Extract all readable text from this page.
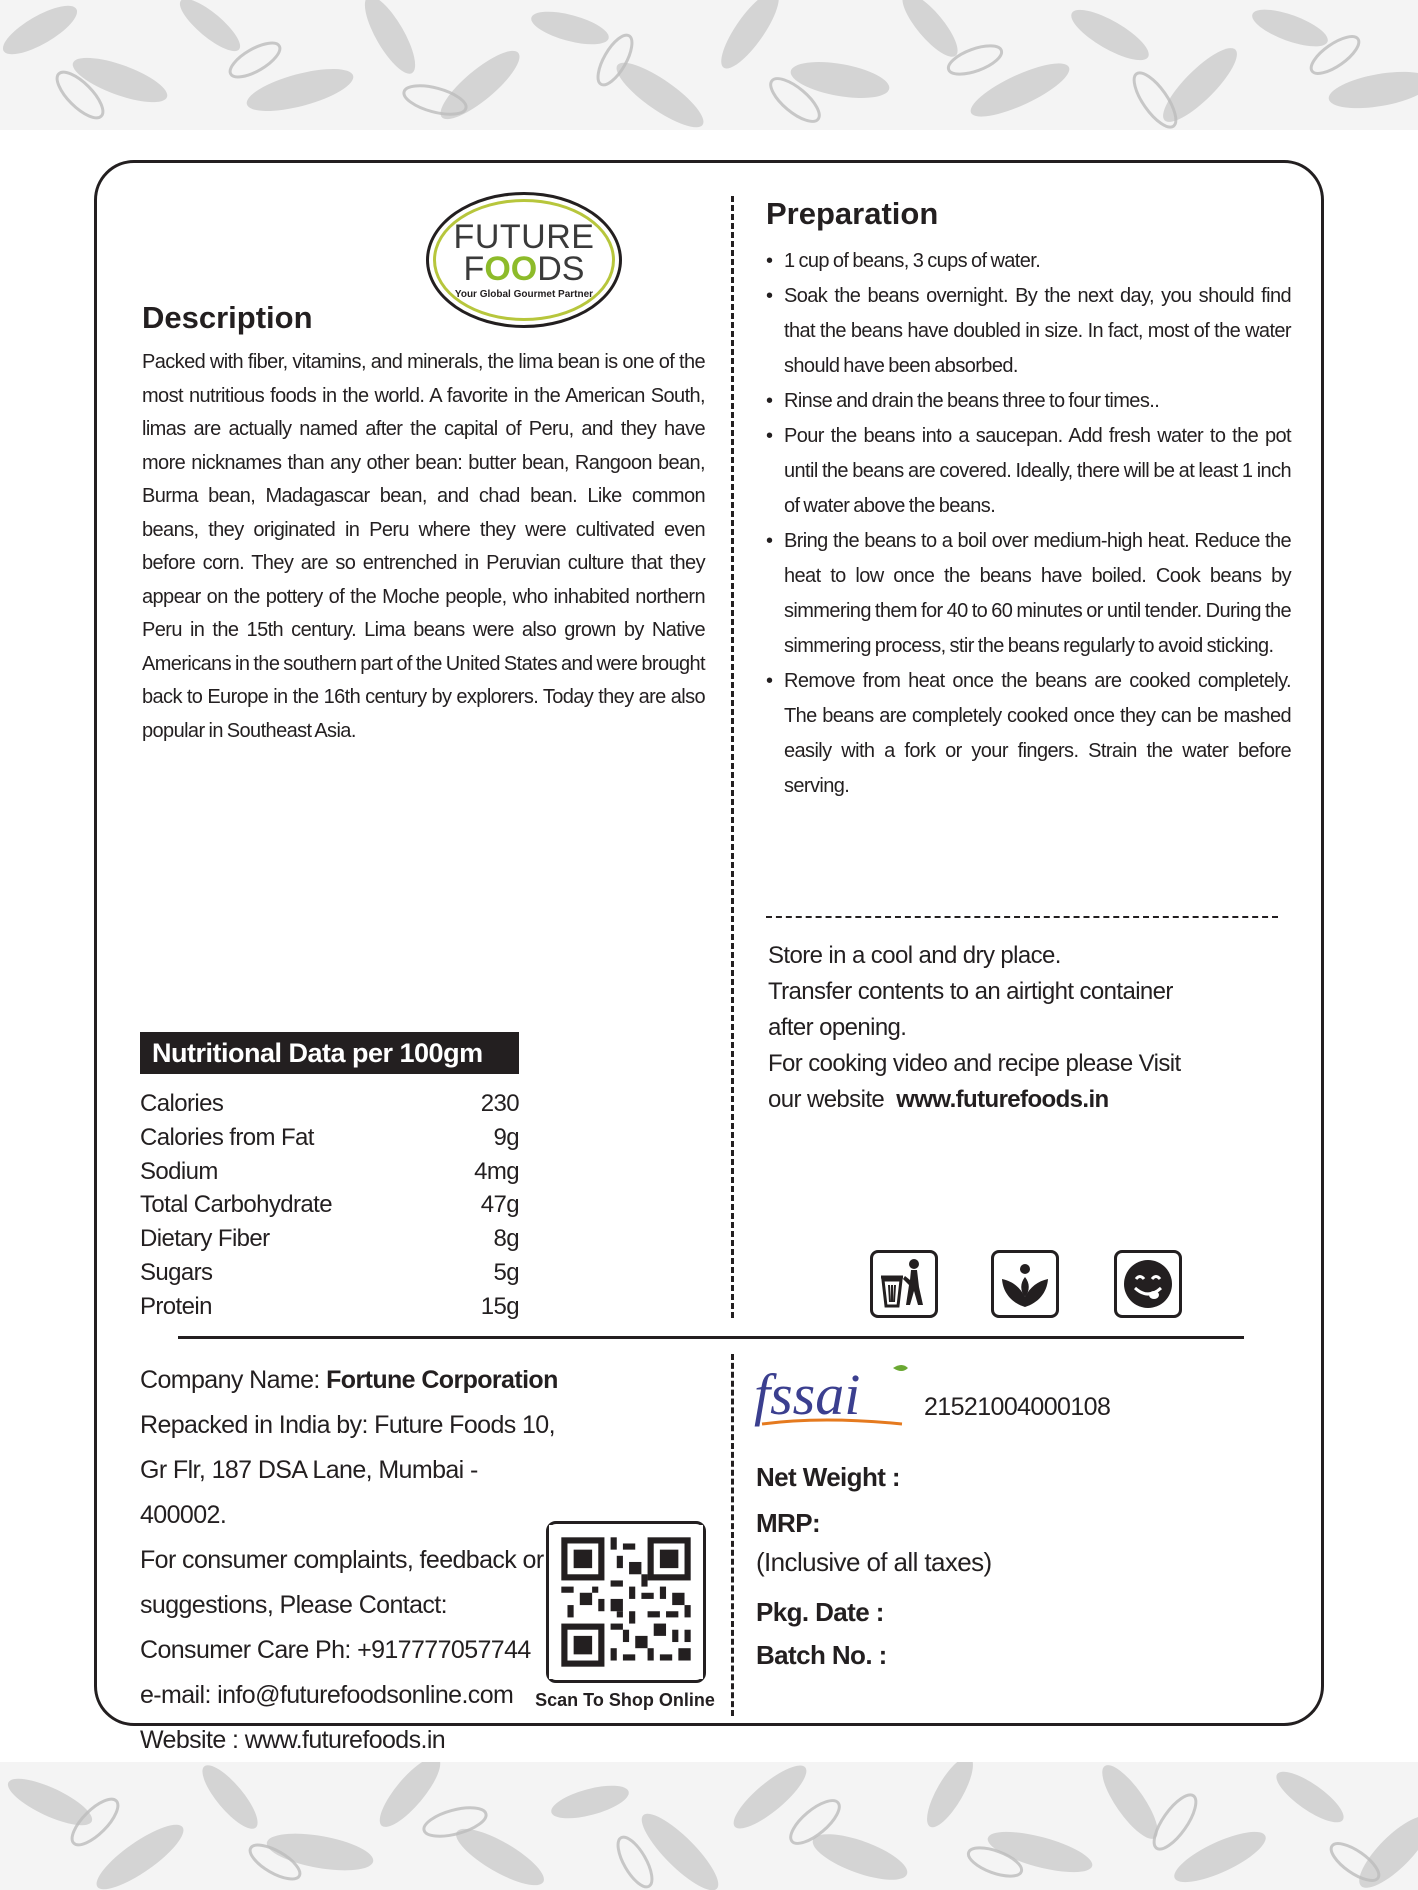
FUTURE
FOODS
Your Global Gourmet Partner
Description
Packed with fiber, vitamins, and minerals, the lima bean is one of the most nutritious foods in the world. A favorite in the American South, limas are actually named after the capital of Peru, and they have more nicknames than any other bean: butter bean, Rangoon bean, Burma bean, Madagascar bean, and chad bean. Like common beans, they originated in Peru where they were cultivated even before corn. They are so entrenched in Peruvian culture that they appear on the pottery of the Moche people, who inhabited northern Peru in the 15th century. Lima beans were also grown by Native Americans in the southern part of the United States and were brought back to Europe in the 16th century by explorers. Today they are also popular in Southeast Asia.
Preparation
• 1 cup of beans, 3 cups of water.
• Soak the beans overnight. By the next day, you should find that the beans have doubled in size. In fact, most of the water should have been absorbed.
• Rinse and drain the beans three to four times..
• Pour the beans into a saucepan. Add fresh water to the pot until the beans are covered. Ideally, there will be at least 1 inch of water above the beans.
• Bring the beans to a boil over medium-high heat. Reduce the heat to low once the beans have boiled. Cook beans by simmering them for 40 to 60 minutes or until tender. During the simmering process, stir the beans regularly to avoid sticking.
• Remove from heat once the beans are cooked completely. The beans are completely cooked once they can be mashed easily with a fork or your fingers. Strain the water before serving.
Store in a cool and dry place.
Transfer contents to an airtight container
after opening.
For cooking video and recipe please Visit
our website www.futurefoods.in
Nutritional Data per 100gm
Calories	230
Calories from Fat	9g
Sodium	4mg
Total Carbohydrate	47g
Dietary Fiber	8g
Sugars	5g
Protein	15g
Company Name: Fortune Corporation
Repacked in India by: Future Foods 10,
Gr Flr, 187 DSA Lane, Mumbai - 400002.
For consumer complaints, feedback or
suggestions, Please Contact:
Consumer Care Ph: +917777057744
e-mail: info@futurefoodsonline.com
Website : www.futurefoods.in
Scan To Shop Online
fssai	21521004000108
Net Weight :
MRP:
(Inclusive of all taxes)
Pkg. Date :
Batch No. :
